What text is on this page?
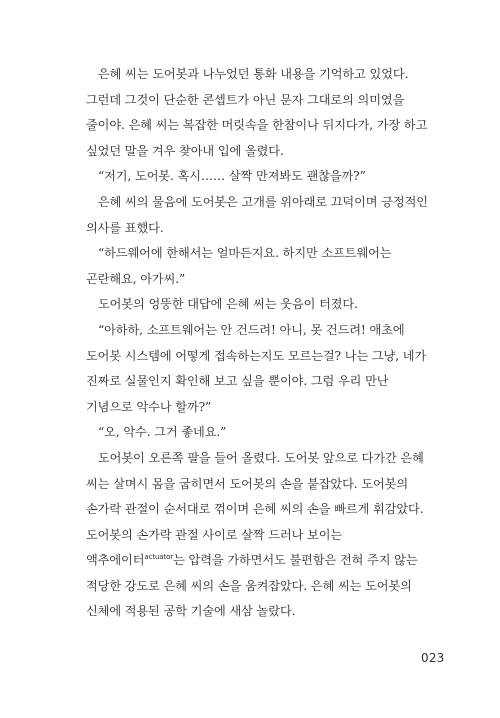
은혜 씨는 도어봇과 나누었던 통화 내용을 기억하고 있었다. 그런데 그것이 단순한 콘셉트가 아닌 문자 그대로의 의미였을 줄이야. 은혜 씨는 복잡한 머릿속을 한참이나 뒤지다가, 가장 하고 싶었던 말을 겨우 찾아내 입에 올렸다.

“저기, 도어봇. 혹시…… 살짝 만져봐도 괜찮을까?”

은혜 씨의 물음에 도어봇은 고개를 위아래로 끄덕이며 긍정적인 의사를 표했다.

“하드웨어에 한해서는 얼마든지요. 하지만 소프트웨어는 곤란해요, 아가씨.”

도어봇의 엉뚱한 대답에 은혜 씨는 웃음이 터졌다.

“아하하, 소프트웨어는 안 건드려! 아니, 못 건드려! 애초에 도어봇 시스템에 어떻게 접속하는지도 모르는걸? 나는 그냥, 네가 진짜로 실물인지 확인해 보고 싶을 뿐이야. 그럼 우리 만난 기념으로 악수나 할까?”

“오, 악수. 그거 좋네요.”

도어봇이 오른쪽 팔을 들어 올렸다. 도어봇 앞으로 다가간 은혜 씨는 살며시 몸을 굽히면서 도어봇의 손을 붙잡았다. 도어봇의 손가락 관절이 순서대로 꺾이며 은혜 씨의 손을 빠르게 휘감았다. 도어봇의 손가락 관절 사이로 살짝 드러나 보이는 액추에이터$^{actuator}$는 압력을 가하면서도 불편함은 전혀 주지 않는 적당한 강도로 은혜 씨의 손을 움켜잡았다. 은혜 씨는 도어봇의 신체에 적용된 공학 기술에 새삼 놀랐다.

023
